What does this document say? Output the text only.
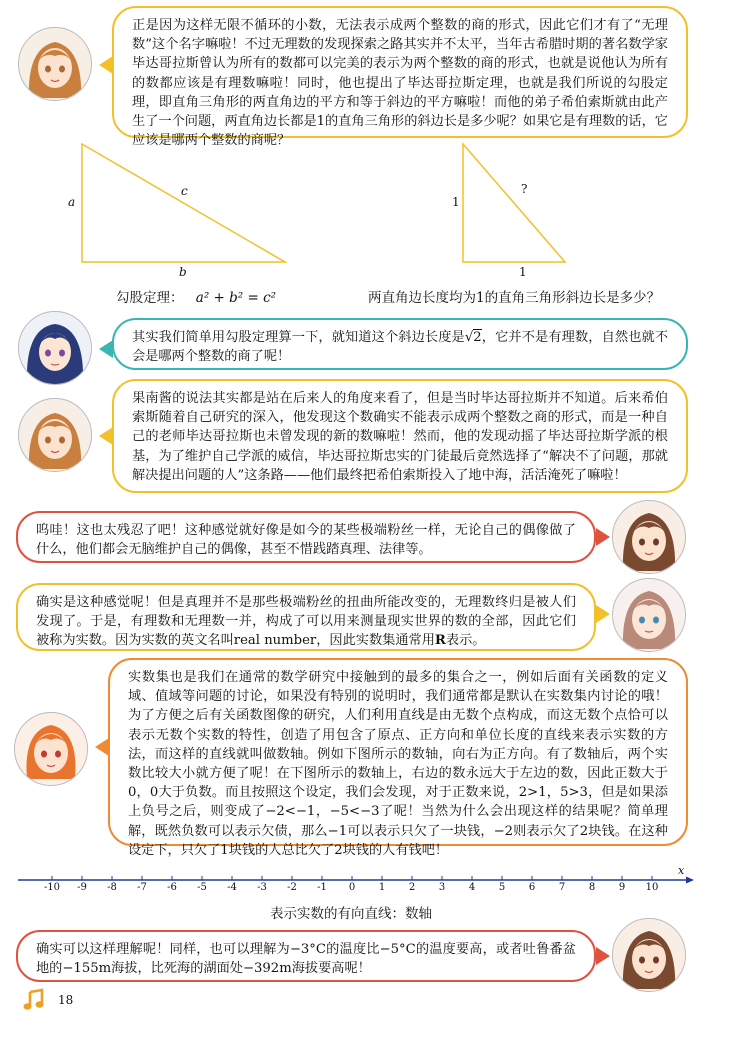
正是因为这样无限不循环的小数，无法表示成两个整数的商的形式，因此它们才有了“无理数”这个名字嘛啦！不过无理数的发现探索之路其实并不太平，当年古希腊时期的著名数学家毕达哥拉斯曾认为所有的数都可以完美的表示为两个整数的商的形式，也就是说他认为所有的数都应该是有理数嘛啦！同时，他也提出了毕达哥拉斯定理，也就是我们所说的勾股定理，即直角三角形的两直角边的平方和等于斜边的平方嘛啦！而他的弟子希伯索斯就由此产生了一个问题，两直角边长都是1的直角三角形的斜边长是多少呢？如果它是有理数的话，它应该是哪两个整数的商呢？

a
c
b
勾股定理： a² + b² = c²
1
?
1
两直角边长度均为1的直角三角形斜边长是多少？

其实我们简单用勾股定理算一下，就知道这个斜边长度是√2，它并不是有理数，自然也就不会是哪两个整数的商了呢！

果南酱的说法其实都是站在后来人的角度来看了，但是当时毕达哥拉斯并不知道。后来希伯索斯随着自己研究的深入，他发现这个数确实不能表示成两个整数之商的形式，而是一种自己的老师毕达哥拉斯也未曾发现的新的数嘛啦！然而，他的发现动摇了毕达哥拉斯学派的根基，为了维护自己学派的威信，毕达哥拉斯忠实的门徒最后竟然选择了“解决不了问题，那就解决提出问题的人”这条路——他们最终把希伯索斯投入了地中海，活活淹死了嘛啦！

呜哇！这也太残忍了吧！这种感觉就好像是如今的某些极端粉丝一样，无论自己的偶像做了什么，他们都会无脑维护自己的偶像，甚至不惜践踏真理、法律等。

确实是这种感觉呢！但是真理并不是那些极端粉丝的扭曲所能改变的，无理数终归是被人们发现了。于是，有理数和无理数一并，构成了可以用来测量现实世界的数的全部，因此它们被称为实数。因为实数的英文名叫real number，因此实数集通常用R表示。

实数集也是我们在通常的数学研究中接触到的最多的集合之一，例如后面有关函数的定义域、值域等问题的讨论，如果没有特别的说明时，我们通常都是默认在实数集内讨论的哦！为了方便之后有关函数图像的研究，人们利用直线是由无数个点构成，而这无数个点恰可以表示无数个实数的特性，创造了用包含了原点、正方向和单位长度的直线来表示实数的方法，而这样的直线就叫做数轴。例如下图所示的数轴，向右为正方向。有了数轴后，两个实数比较大小就方便了呢！在下图所示的数轴上，右边的数永远大于左边的数，因此正数大于0，0大于负数。而且按照这个设定，我们会发现，对于正数来说，2>1，5>3，但是如果添上负号之后，则变成了−2<−1，−5<−3了呢！当然为什么会出现这样的结果呢？简单理解，既然负数可以表示欠债，那么−1可以表示只欠了一块钱，−2则表示欠了2块钱。在这种设定下，只欠了1块钱的人总比欠了2块钱的人有钱吧！

x
-10	-9	-8	-7	-6	-5	-4	-3	-2	-1	0	1	2	3	4	5	6	7	8	9	10
表示实数的有向直线：数轴

确实可以这样理解呢！同样，也可以理解为−3°C的温度比−5°C的温度要高，或者吐鲁番盆地的−155m海拔，比死海的湖面处−392m海拔要高呢！

18
